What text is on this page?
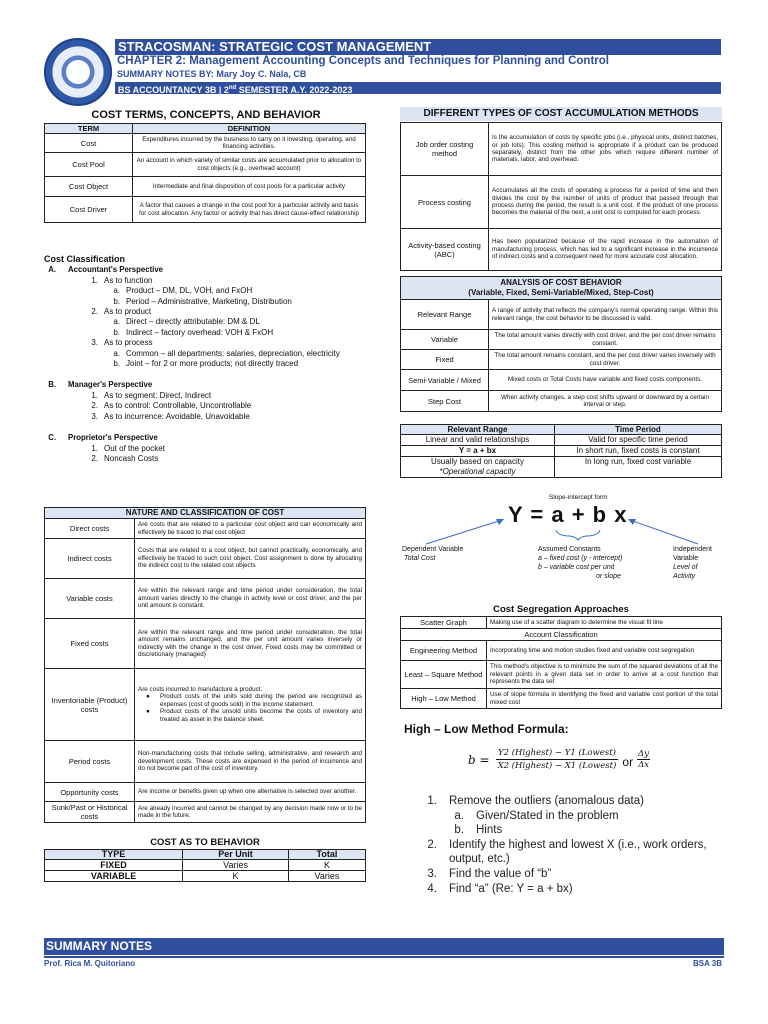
STRACOSMAN: STRATEGIC COST MANAGEMENT
CHAPTER 2: Management Accounting Concepts and Techniques for Planning and Control
SUMMARY NOTES BY: Mary Joy C. Nala, CB
BS ACCOUNTANCY 3B | 2nd SEMESTER A.Y. 2022-2023
COST TERMS, CONCEPTS, AND BEHAVIOR
TERM	DEFINITION
Cost	Expenditures incurred by the business to carry on it investing, operating, and financing activities.
Cost Pool	An account in which variety of similar costs are accumulated prior to allocation to cost objects (e.g., overhead account)
Cost Object	Intermediate and final disposition of cost pools for a particular activity
Cost Driver	A factor that causes a change in the cost pool for a particular activity and basis for cost allocation. Any factor or activity that has direct cause-effect relationship
Cost Classification
A.	Accountant's Perspective
1. As to function
a. Product – DM, DL, VOH, and FxOH
b. Period – Administrative, Marketing, Distribution
2. As to product
a. Direct – directly attributable: DM & DL
b. Indirect – factory overhead: VOH & FxOH
3. As to process
a. Common – all departments: salaries, depreciation, electricity
b. Joint – for 2 or more products; not directly traced
B.	Manager's Perspective
1. As to segment: Direct, Indirect
2. As to control: Controllable, Uncontrollable
3. As to incurrence: Avoidable, Unavoidable
C.	Proprietor's Perspective
1. Out of the pocket
2. Noncash Costs
NATURE AND CLASSIFICATION OF COST	
Direct costs	Are costs that are related to a particular cost object and can economically and effectively be traced to that cost object
Indirect costs	Costs that are related to a cost object, but cannot practically, economically, and effectively be traced to such cost object. Cost assignment is done by allocating the indirect cost to the related cost objects
Variable costs	Are within the relevant range and time period under consideration, the total amount varies directly to the change in activity level or cost driver, and the per unit amount is constant.
Fixed costs	Are within the relevant range and time period under consideration, the total amount remains unchanged, and the per unit amount varies inversely or indirectly with the change in the cost driver. Fixed costs may be committed or discretionary (managed)
Inventoriable (Product) costs	Are costs incurred to manufacture a product.
● Product costs of the units sold during the period are recognized as expenses (cost of goods sold) in the income statement.
● Product costs of the unsold units become the costs of inventory and treated as asset in the balance sheet.

Period costs	Non-manufacturing costs that include selling, administrative, and research and development costs. These costs are expensed in the period of incurrence and do not become part of the cost of inventory.
Opportunity costs	Are income or benefits given up when one alternative is selected over another.
Sunk/Past or Historical costs	Are already incurred and cannot be changed by any decision made now or to be made in the future.
COST AS TO BEHAVIOR
TYPE	Per Unit	Total
FIXED	Varies	K
VARIABLE	K	Varies
DIFFERENT TYPES OF COST ACCUMULATION METHODS
Job order costing method	Is the accumulation of costs by specific jobs (i.e., physical units, distinct batches, or job lots). This costing method is appropriate if a product can be produced separately, distinct from the other jobs which require different number of materials, labor, and overhead.
Process costing	Accumulates all the costs of operating a process for a period of time and then divides the cost by the number of units of product that passed through that process during the period, the result is a unit cost. If the product of one process becomes the material of the next, a unit cost is computed for each process.
Activity-based costing (ABC)	Has been popularized because of the rapid increase in the automation of manufacturing process, which has led to a significant increase in the incurrence of indirect costs and a consequent need for more accurate cost allocation.
ANALYSIS OF COST BEHAVIOR
(Variable, Fixed, Semi-Variable/Mixed, Step-Cost)	

Relevant Range	A range of activity that reflects the company's normal operating range. Within this relevant range, the cost behavior to be discussed is valid.
Variable	The total amount varies directly with cost driver, and the per cost driver remains constant.
Fixed	The total amount remains constant, and the per cost driver varies inversely with cost driver.
Semi-Variable / Mixed	Mixed costs or Total Costs have variable and fixed costs components.
Step Cost	When activity changes, a step cost shifts upward or downward by a certain interval or step.
Relevant Range	Time Period
Linear and valid relationships	Valid for specific time period
Y = a + bx	In short run, fixed costs is constant

Usually based on capacity
*Operational capacity	In long run, fixed cost variable
Slope-intercept form
Y = a + b x
Dependent Variable
Total Cost
Assumed Constants
a – fixed cost (y - intercept)
b – variable cost per unit
or slope
Independent
Variable
Level of
Activity
Cost Segregation Approaches
Scatter Graph	Making use of a scatter diagram to determine the visual fit line
Account Classification	
Engineering Method	Incorporating time and motion studies fixed and variable cost segregation
Least – Square Method	This method's objective is to minimize the sum of the squared deviations of all the relevant points in a given data set in order to arrive at a cost function that represents the data set
High – Low Method	Use of slope formula in identifying the fixed and variable cost portion of the total mixed cost
High – Low Method Formula:
b = Y2 (Highest) − Y1 (Lowest)
X2 (Highest) − X1 (Lowest) or
Δy
Δx
1.	Remove the outliers (anomalous data)
a.	Given/Stated in the problem
b.	Hints
2.	Identify the highest and lowest X (i.e., work orders, output, etc.)
3.	Find the value of “b”
4.	Find “a” (Re: Y = a + bx)
SUMMARY NOTES
Prof. Rica M. Quitoriano	BSA 3B
